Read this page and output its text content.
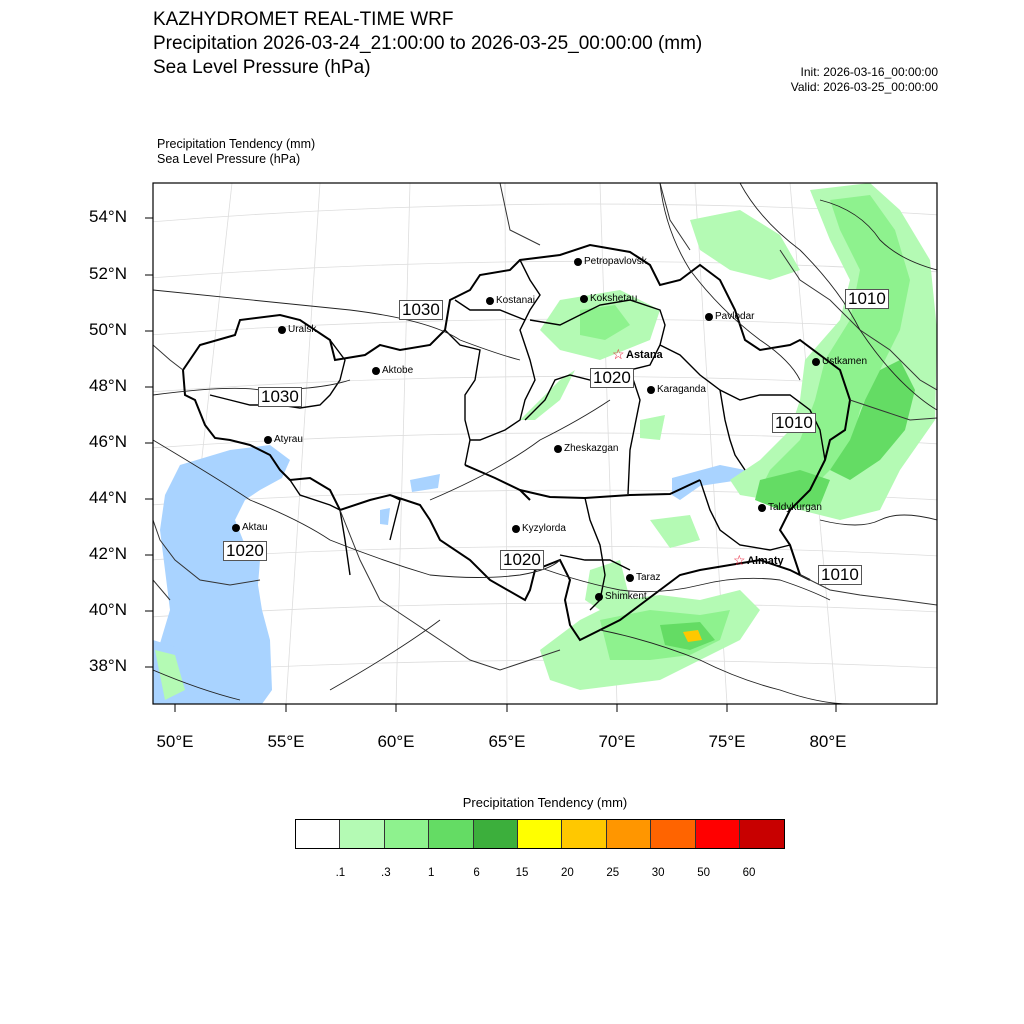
KAZHYDROMET REAL-TIME WRF
Precipitation 2026-03-24_21:00:00 to 2026-03-25_00:00:00 (mm)
Sea Level Pressure (hPa)	Init: 2026-03-16_00:00:00
Valid: 2026-03-25_00:00:00
Precipitation Tendency (mm)
Sea Level Pressure (hPa)
54°N
52°N
50°N
48°N
46°N
44°N
42°N
40°N
38°N
50°E	55°E	60°E	65°E	70°E	75°E	80°E
Petropavlovsk
Kostanai	Kokshetau
Pavlodar
Uralsk
☆ Astana
Aktobe
Ustkamen
Karaganda
Atyrau
Zheskazgan
Taldykurgan
Aktau	Kyzylorda
☆ Almaty
Taraz
Shimkent
1030
1030
1020
1010
1010
1020	1020
1010
Precipitation Tendency (mm)
.1	.3	1	6	15	20	25	30	50	60
